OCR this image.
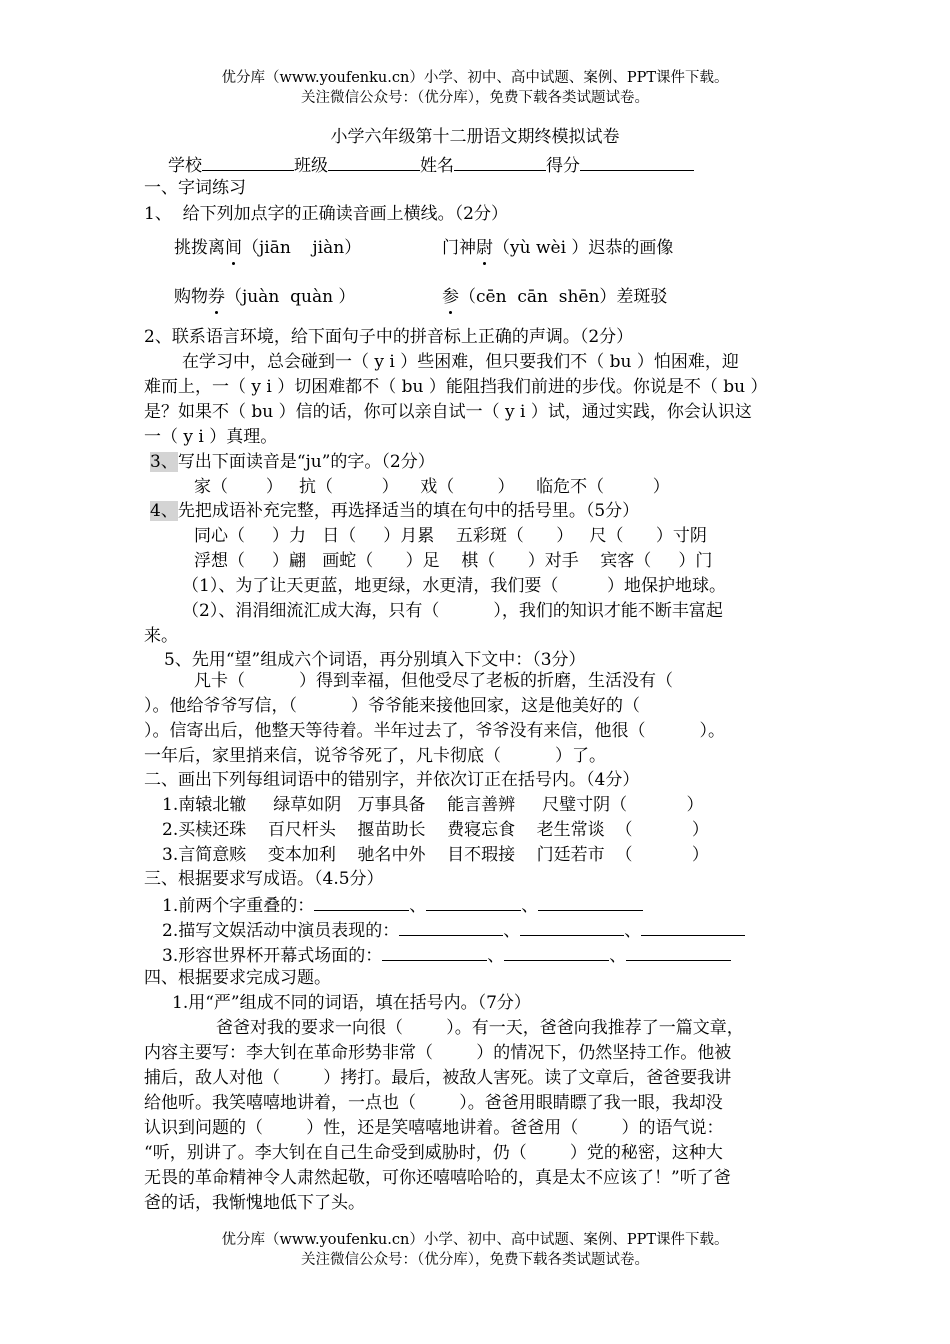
优分库（www.youfenku.cn）小学、初中、高中试题、案例、PPT课件下载。
关注微信公众号：（优分库），免费下载各类试题试卷。
小学六年级第十二册语文期终模拟试卷
学校	班级	姓名	得分
一、字词练习
1、  给下列加点字的正确读音画上横线。（2分）
挑拨离间（jiān    jiàn）	门神尉（yù wèi ）迟恭的画像
购物券（juàn  quàn ）	参（cēn  cān  shēn）差斑驳
2、联系语言环境，给下面句子中的拼音标上正确的声调。（2分）
在学习中，总会碰到一（ y i ）些困难，但只要我们不（ bu ）怕困难，迎
难而上，一（ y i ）切困难都不（ bu ）能阻挡我们前进的步伐。你说是不（ bu ）
是？如果不（ bu ）信的话，你可以亲自试一（ y i ）试，通过实践，你会认识这
一（ y i ）真理。
3、写出下面读音是“ju”的字。（2分）
家（       ）   抗（         ）    戏（        ）    临危不（         ）
4、先把成语补充完整，再选择适当的填在句中的括号里。（5分）
同心（     ）力   日（     ）月累    五彩斑（      ）   尺（      ）寸阴
浮想（     ）翩   画蛇（      ）足    棋（      ）对手    宾客（     ）门
（1）、为了让天更蓝，地更绿，水更清，我们要（         ）地保护地球。
（2）、涓涓细流汇成大海，只有（          ），我们的知识才能不断丰富起
来。
5、先用“望”组成六个词语，再分别填入下文中：（3分）
凡卡（          ）得到幸福，但他受尽了老板的折磨，生活没有（
）。他给爷爷写信，（          ）爷爷能来接他回家，这是他美好的（
）。信寄出后，他整天等待着。半年过去了，爷爷没有来信，他很（          ）。
一年后，家里捎来信，说爷爷死了，凡卡彻底（          ）了。
二、画出下列每组词语中的错别字，并依次订正在括号内。（4分）
1.南辕北辙     绿草如阴   万事具备    能言善辨     尺璧寸阴（           ）
2.买椟还珠    百尺杆头    揠苗助长    费寝忘食    老生常谈  （           ）
3.言简意赅    变本加利    驰名中外    目不瑕接    门廷若市  （           ）
三、根据要求写成语。（4.5分）
1.前两个字重叠的：	、	、
2.描写文娱活动中演员表现的：	、	、
3.形容世界杯开幕式场面的：	、	、
四、根据要求完成习题。
1.用“严”组成不同的词语，填在括号内。（7分）
爸爸对我的要求一向很（        ）。有一天，爸爸向我推荐了一篇文章，
内容主要写：李大钊在革命形势非常（        ）的情况下，仍然坚持工作。他被
捕后，敌人对他（        ）拷打。最后，被敌人害死。读了文章后，爸爸要我讲
给他听。我笑嘻嘻地讲着，一点也（        ）。爸爸用眼睛瞟了我一眼，我却没
认识到问题的（        ）性，还是笑嘻嘻地讲着。爸爸用（        ）的语气说：
“听，别讲了。李大钊在自己生命受到威胁时，仍（        ）党的秘密，这种大
无畏的革命精神令人肃然起敬，可你还嘻嘻哈哈的，真是太不应该了！”听了爸
爸的话，我惭愧地低下了头。
优分库（www.youfenku.cn）小学、初中、高中试题、案例、PPT课件下载。
关注微信公众号：（优分库），免费下载各类试题试卷。
